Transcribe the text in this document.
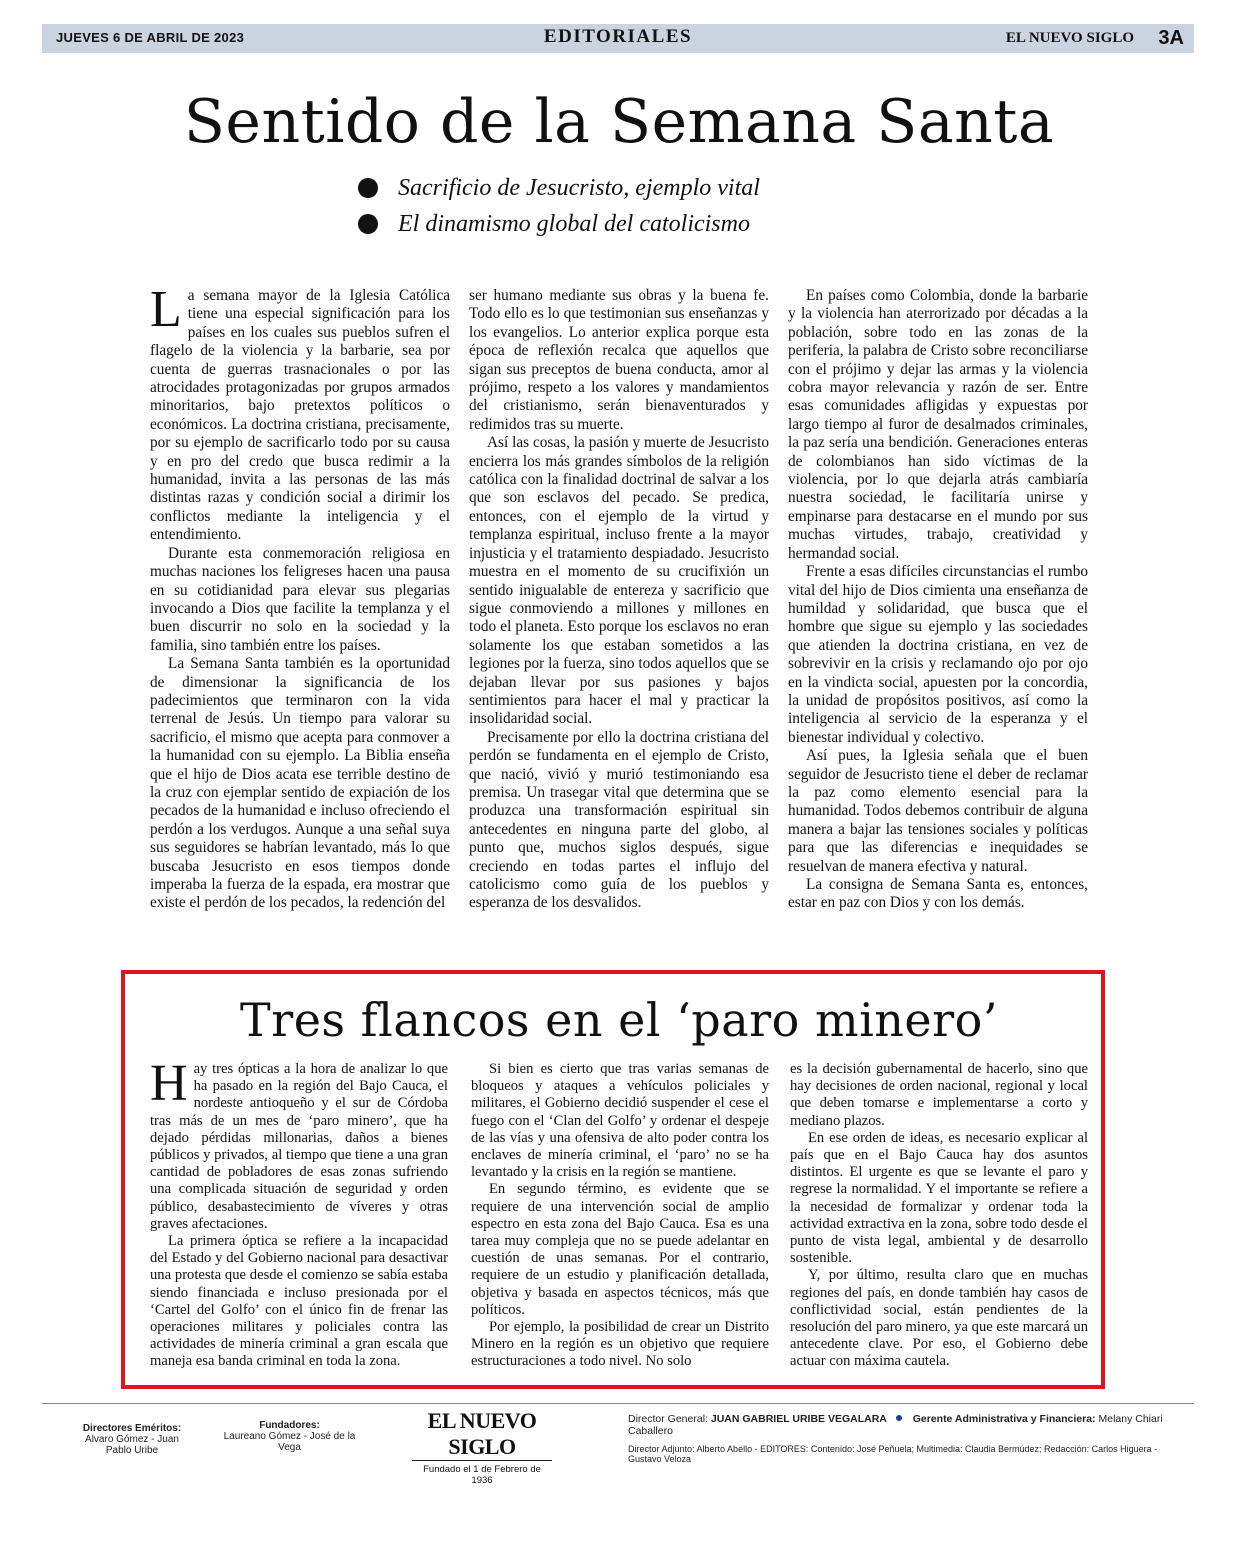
JUEVES 6 DE ABRIL DE 2023	EDITORIALES	EL NUEVO SIGLO 3A
Sentido de la Semana Santa
Sacrificio de Jesucristo, ejemplo vital
El dinamismo global del catolicismo

La semana mayor de la Iglesia Católica tiene una especial significación para los países en los cuales sus pueblos sufren el flagelo de la violencia y la barbarie, sea por cuenta de guerras trasnacionales o por las atrocidades protagonizadas por grupos armados minoritarios, bajo pretextos políticos o económicos. La doctrina cristiana, precisamente, por su ejemplo de sacrificarlo todo por su causa y en pro del credo que busca redimir a la humanidad, invita a las personas de las más distintas razas y condición social a dirimir los conflictos mediante la inteligencia y el entendimiento.

Durante esta conmemoración religiosa en muchas naciones los feligreses hacen una pausa en su cotidianidad para elevar sus plegarias invocando a Dios que facilite la templanza y el buen discurrir no solo en la sociedad y la familia, sino también entre los países.

La Semana Santa también es la oportunidad de dimensionar la significancia de los padecimientos que terminaron con la vida terrenal de Jesús. Un tiempo para valorar su sacrificio, el mismo que acepta para conmover a la humanidad con su ejemplo. La Biblia enseña que el hijo de Dios acata ese terrible destino de la cruz con ejemplar sentido de expiación de los pecados de la humanidad e incluso ofreciendo el perdón a los verdugos. Aunque a una señal suya sus seguidores se habrían levantado, más lo que buscaba Jesucristo en esos tiempos donde imperaba la fuerza de la espada, era mostrar que existe el perdón de los pecados, la redención del

ser humano mediante sus obras y la buena fe. Todo ello es lo que testimonian sus enseñanzas y los evangelios. Lo anterior explica porque esta época de reflexión recalca que aquellos que sigan sus preceptos de buena conducta, amor al prójimo, respeto a los valores y mandamientos del cristianismo, serán bienaventurados y redimidos tras su muerte.

Así las cosas, la pasión y muerte de Jesucristo encierra los más grandes símbolos de la religión católica con la finalidad doctrinal de salvar a los que son esclavos del pecado. Se predica, entonces, con el ejemplo de la virtud y templanza espiritual, incluso frente a la mayor injusticia y el tratamiento despiadado. Jesucristo muestra en el momento de su crucifixión un sentido inigualable de entereza y sacrificio que sigue conmoviendo a millones y millones en todo el planeta. Esto porque los esclavos no eran solamente los que estaban sometidos a las legiones por la fuerza, sino todos aquellos que se dejaban llevar por sus pasiones y bajos sentimientos para hacer el mal y practicar la insolidaridad social.

Precisamente por ello la doctrina cristiana del perdón se fundamenta en el ejemplo de Cristo, que nació, vivió y murió testimoniando esa premisa. Un trasegar vital que determina que se produzca una transformación espiritual sin antecedentes en ninguna parte del globo, al punto que, muchos siglos después, sigue creciendo en todas partes el influjo del catolicismo como guía de los pueblos y esperanza de los desvalidos.

En países como Colombia, donde la barbarie y la violencia han aterrorizado por décadas a la población, sobre todo en las zonas de la periferia, la palabra de Cristo sobre reconciliarse con el prójimo y dejar las armas y la violencia cobra mayor relevancia y razón de ser. Entre esas comunidades afligidas y expuestas por largo tiempo al furor de desalmados criminales, la paz sería una bendición. Generaciones enteras de colombianos han sido víctimas de la violencia, por lo que dejarla atrás cambiaría nuestra sociedad, le facilitaría unirse y empinarse para destacarse en el mundo por sus muchas virtudes, trabajo, creatividad y hermandad social.

Frente a esas difíciles circunstancias el rumbo vital del hijo de Dios cimienta una enseñanza de humildad y solidaridad, que busca que el hombre que sigue su ejemplo y las sociedades que atienden la doctrina cristiana, en vez de sobrevivir en la crisis y reclamando ojo por ojo en la vindicta social, apuesten por la concordia, la unidad de propósitos positivos, así como la inteligencia al servicio de la esperanza y el bienestar individual y colectivo.

Así pues, la Iglesia señala que el buen seguidor de Jesucristo tiene el deber de reclamar la paz como elemento esencial para la humanidad. Todos debemos contribuir de alguna manera a bajar las tensiones sociales y políticas para que las diferencias e inequidades se resuelvan de manera efectiva y natural.

La consigna de Semana Santa es, entonces, estar en paz con Dios y con los demás.

Tres flancos en el ‘paro minero’

Hay tres ópticas a la hora de analizar lo que ha pasado en la región del Bajo Cauca, el nordeste antioqueño y el sur de Córdoba tras más de un mes de ‘paro minero’, que ha dejado pérdidas millonarias, daños a bienes públicos y privados, al tiempo que tiene a una gran cantidad de pobladores de esas zonas sufriendo una complicada situación de seguridad y orden público, desabastecimiento de víveres y otras graves afectaciones.

La primera óptica se refiere a la incapacidad del Estado y del Gobierno nacional para desactivar una protesta que desde el comienzo se sabía estaba siendo financiada e incluso presionada por el ‘Cartel del Golfo’ con el único fin de frenar las operaciones militares y policiales contra las actividades de minería criminal a gran escala que maneja esa banda criminal en toda la zona.

Si bien es cierto que tras varias semanas de bloqueos y ataques a vehículos policiales y militares, el Gobierno decidió suspender el cese el fuego con el ‘Clan del Golfo’ y ordenar el despeje de las vías y una ofensiva de alto poder contra los enclaves de minería criminal, el ‘paro’ no se ha levantado y la crisis en la región se mantiene.

En segundo término, es evidente que se requiere de una intervención social de amplio espectro en esta zona del Bajo Cauca. Esa es una tarea muy compleja que no se puede adelantar en cuestión de unas semanas. Por el contrario, requiere de un estudio y planificación detallada, objetiva y basada en aspectos técnicos, más que políticos.

Por ejemplo, la posibilidad de crear un Distrito Minero en la región es un objetivo que requiere estructuraciones a todo nivel. No solo

es la decisión gubernamental de hacerlo, sino que hay decisiones de orden nacional, regional y local que deben tomarse e implementarse a corto y mediano plazos.

En ese orden de ideas, es necesario explicar al país que en el Bajo Cauca hay dos asuntos distintos. El urgente es que se levante el paro y regrese la normalidad. Y el importante se refiere a la necesidad de formalizar y ordenar toda la actividad extractiva en la zona, sobre todo desde el punto de vista legal, ambiental y de desarrollo sostenible.

Y, por último, resulta claro que en muchas regiones del país, en donde también hay casos de conflictividad social, están pendientes de la resolución del paro minero, ya que este marcará un antecedente clave. Por eso, el Gobierno debe actuar con máxima cautela.

Directores Eméritos:
Alvaro Gómez - Juan Pablo Uribe
Fundadores:
Laureano Gómez - José de la Vega
EL NUEVO SIGLO
Fundado el 1 de Febrero de 1936
Director General: JUAN GABRIEL URIBE VEGALARA Gerente Administrativa y Financiera: Melany Chiari Caballero
Director Adjunto: Alberto Abello - EDITORES: Contenido: José Peñuela; Multimedia: Claudia Bermúdez; Redacción: Carlos Higuera - Gustavo Veloza
